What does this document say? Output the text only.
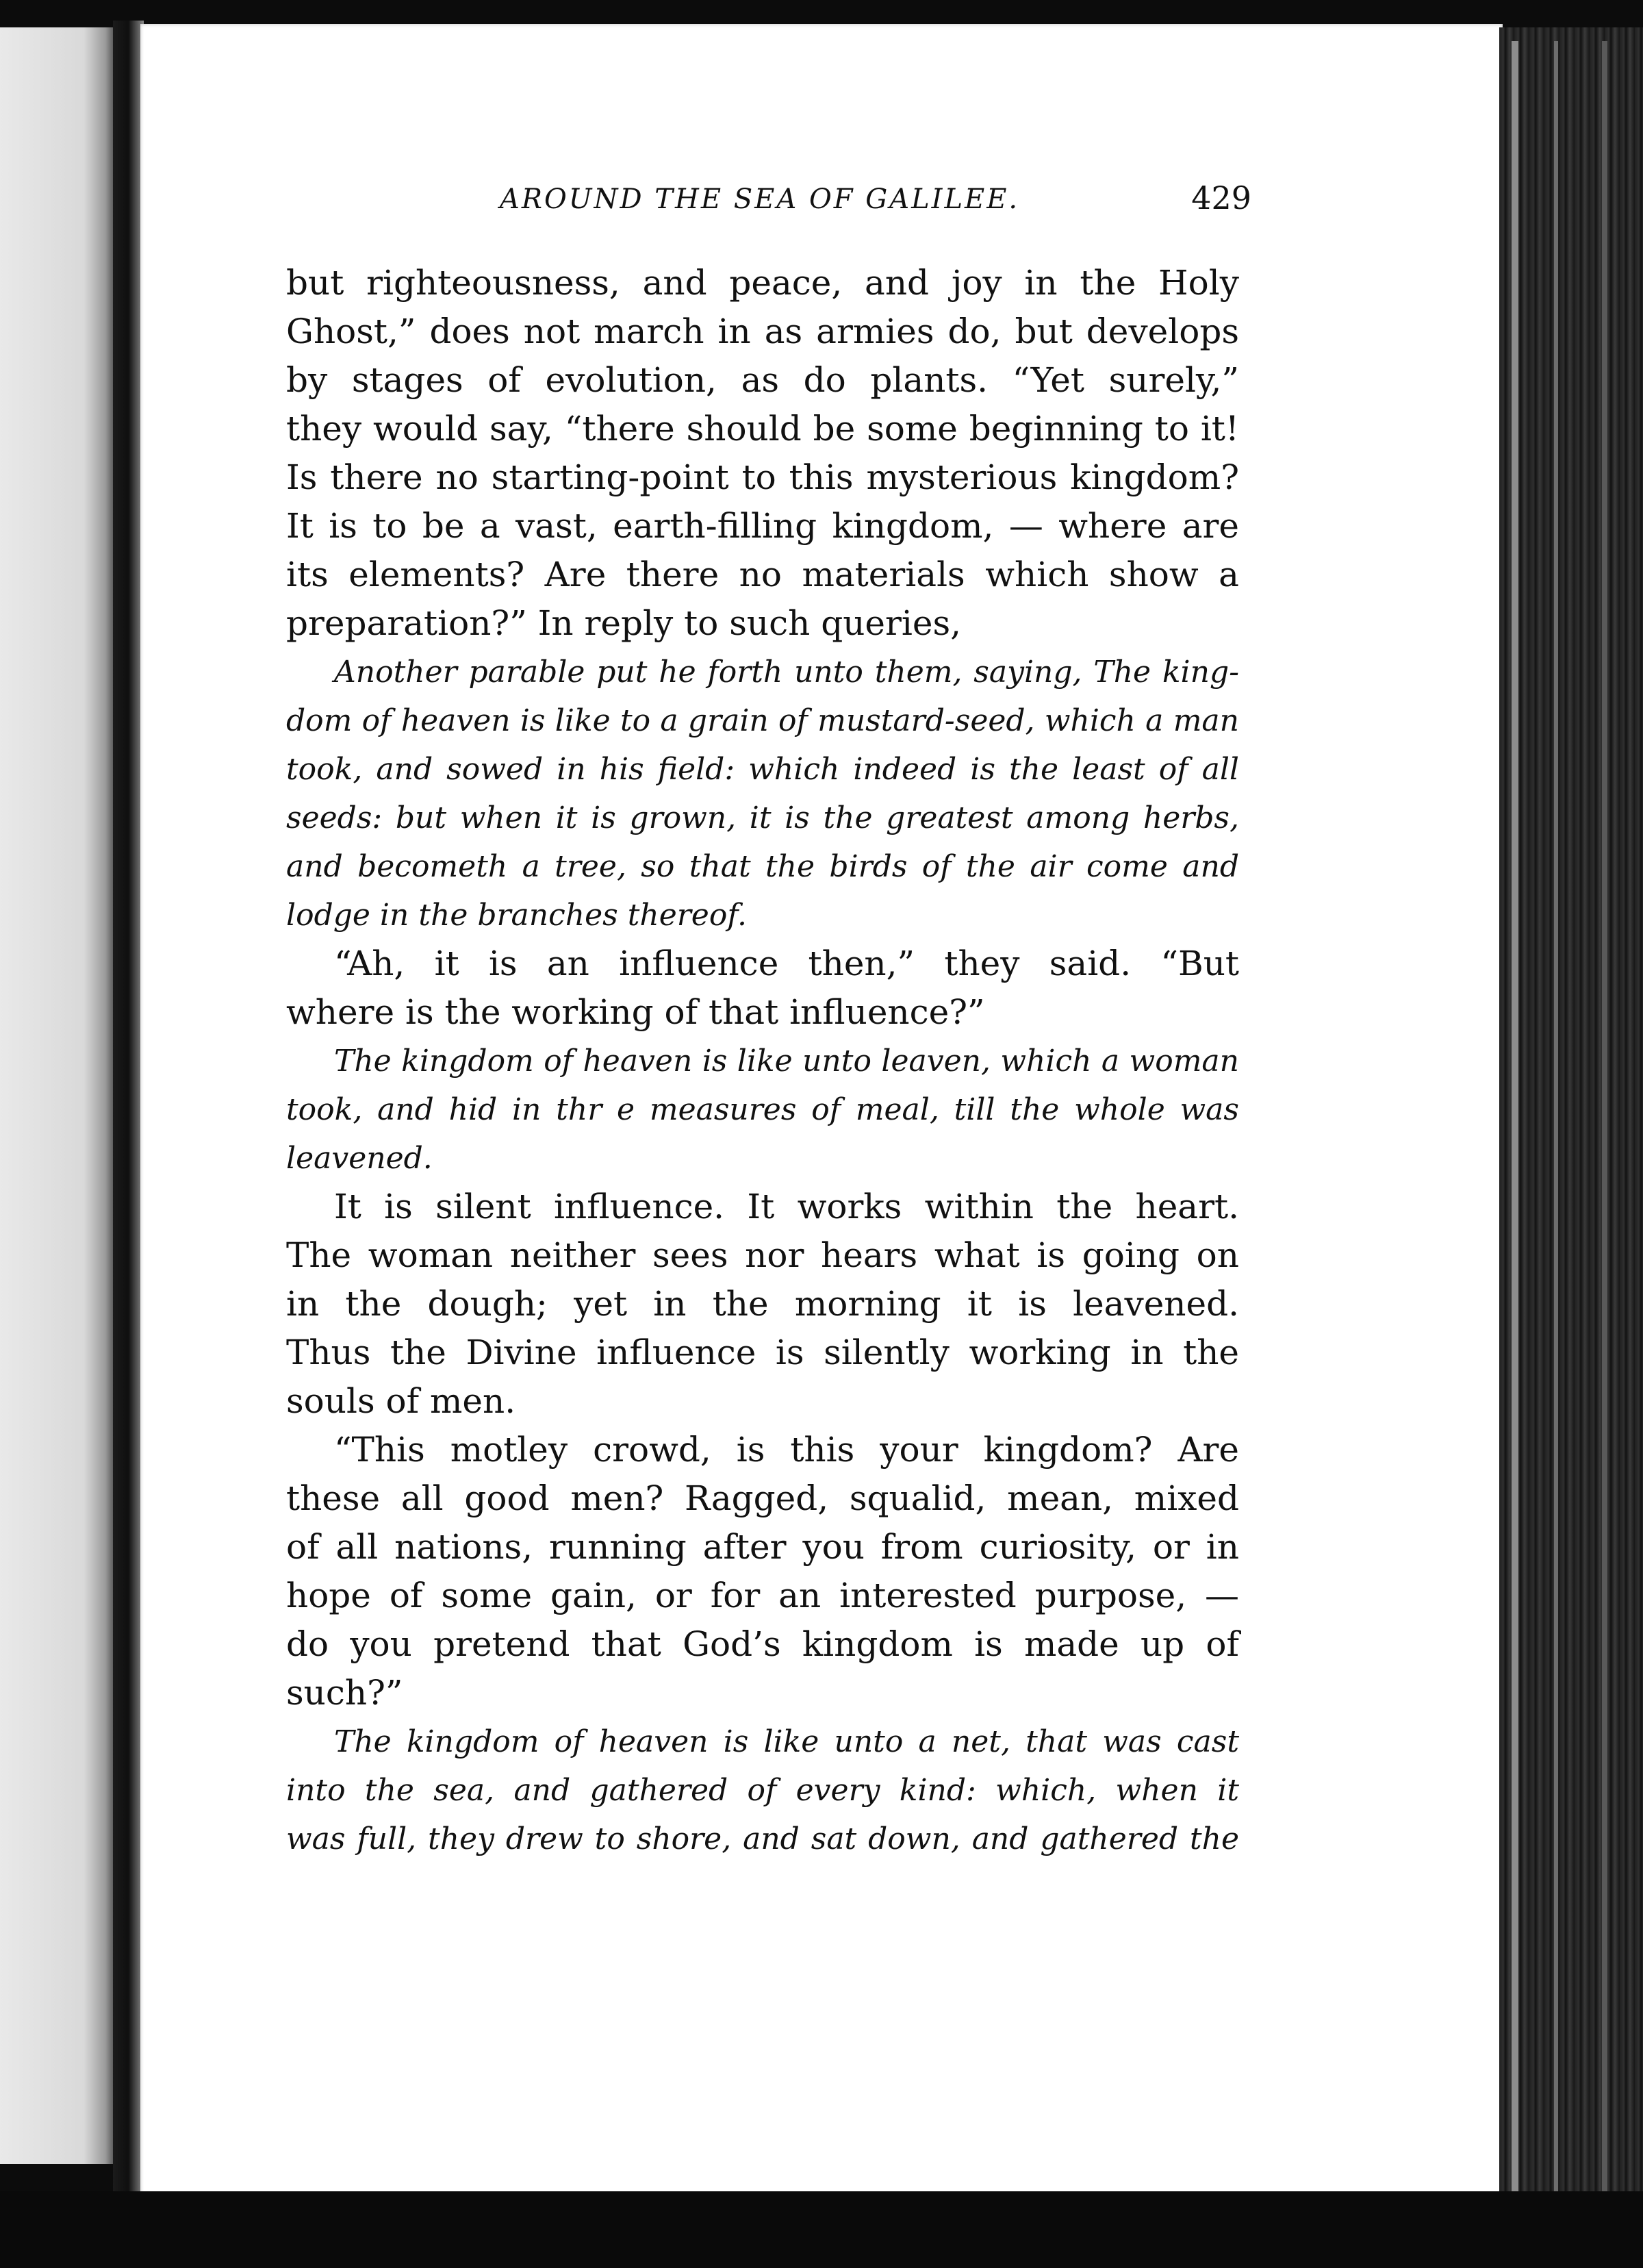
AROUND THE SEA OF GALILEE.	429
but righteousness, and peace, and joy in the Holy
Ghost,” does not march in as armies do, but develops
by stages of evolution, as do plants. “Yet surely,”
they would say, “there should be some beginning to it!
Is there no starting-point to this mysterious kingdom?
It is to be a vast, earth-filling kingdom, — where are
its elements? Are there no materials which show a
preparation?” In reply to such queries,
Another parable put he forth unto them, saying, The king-
dom of heaven is like to a grain of mustard-seed, which a man
took, and sowed in his field: which indeed is the least of all
seeds: but when it is grown, it is the greatest among herbs,
and becometh a tree, so that the birds of the air come and
lodge in the branches thereof.
“Ah, it is an influence then,” they said. “But
where is the working of that influence?”
The kingdom of heaven is like unto leaven, which a woman
took, and hid in thr e measures of meal, till the whole was
leavened.
It is silent influence. It works within the heart.
The woman neither sees nor hears what is going on
in the dough; yet in the morning it is leavened.
Thus the Divine influence is silently working in the
souls of men.
“This motley crowd, is this your kingdom? Are
these all good men? Ragged, squalid, mean, mixed
of all nations, running after you from curiosity, or in
hope of some gain, or for an interested purpose, —
do you pretend that God’s kingdom is made up of
such?”
The kingdom of heaven is like unto a net, that was cast
into the sea, and gathered of every kind: which, when it
was full, they drew to shore, and sat down, and gathered the
